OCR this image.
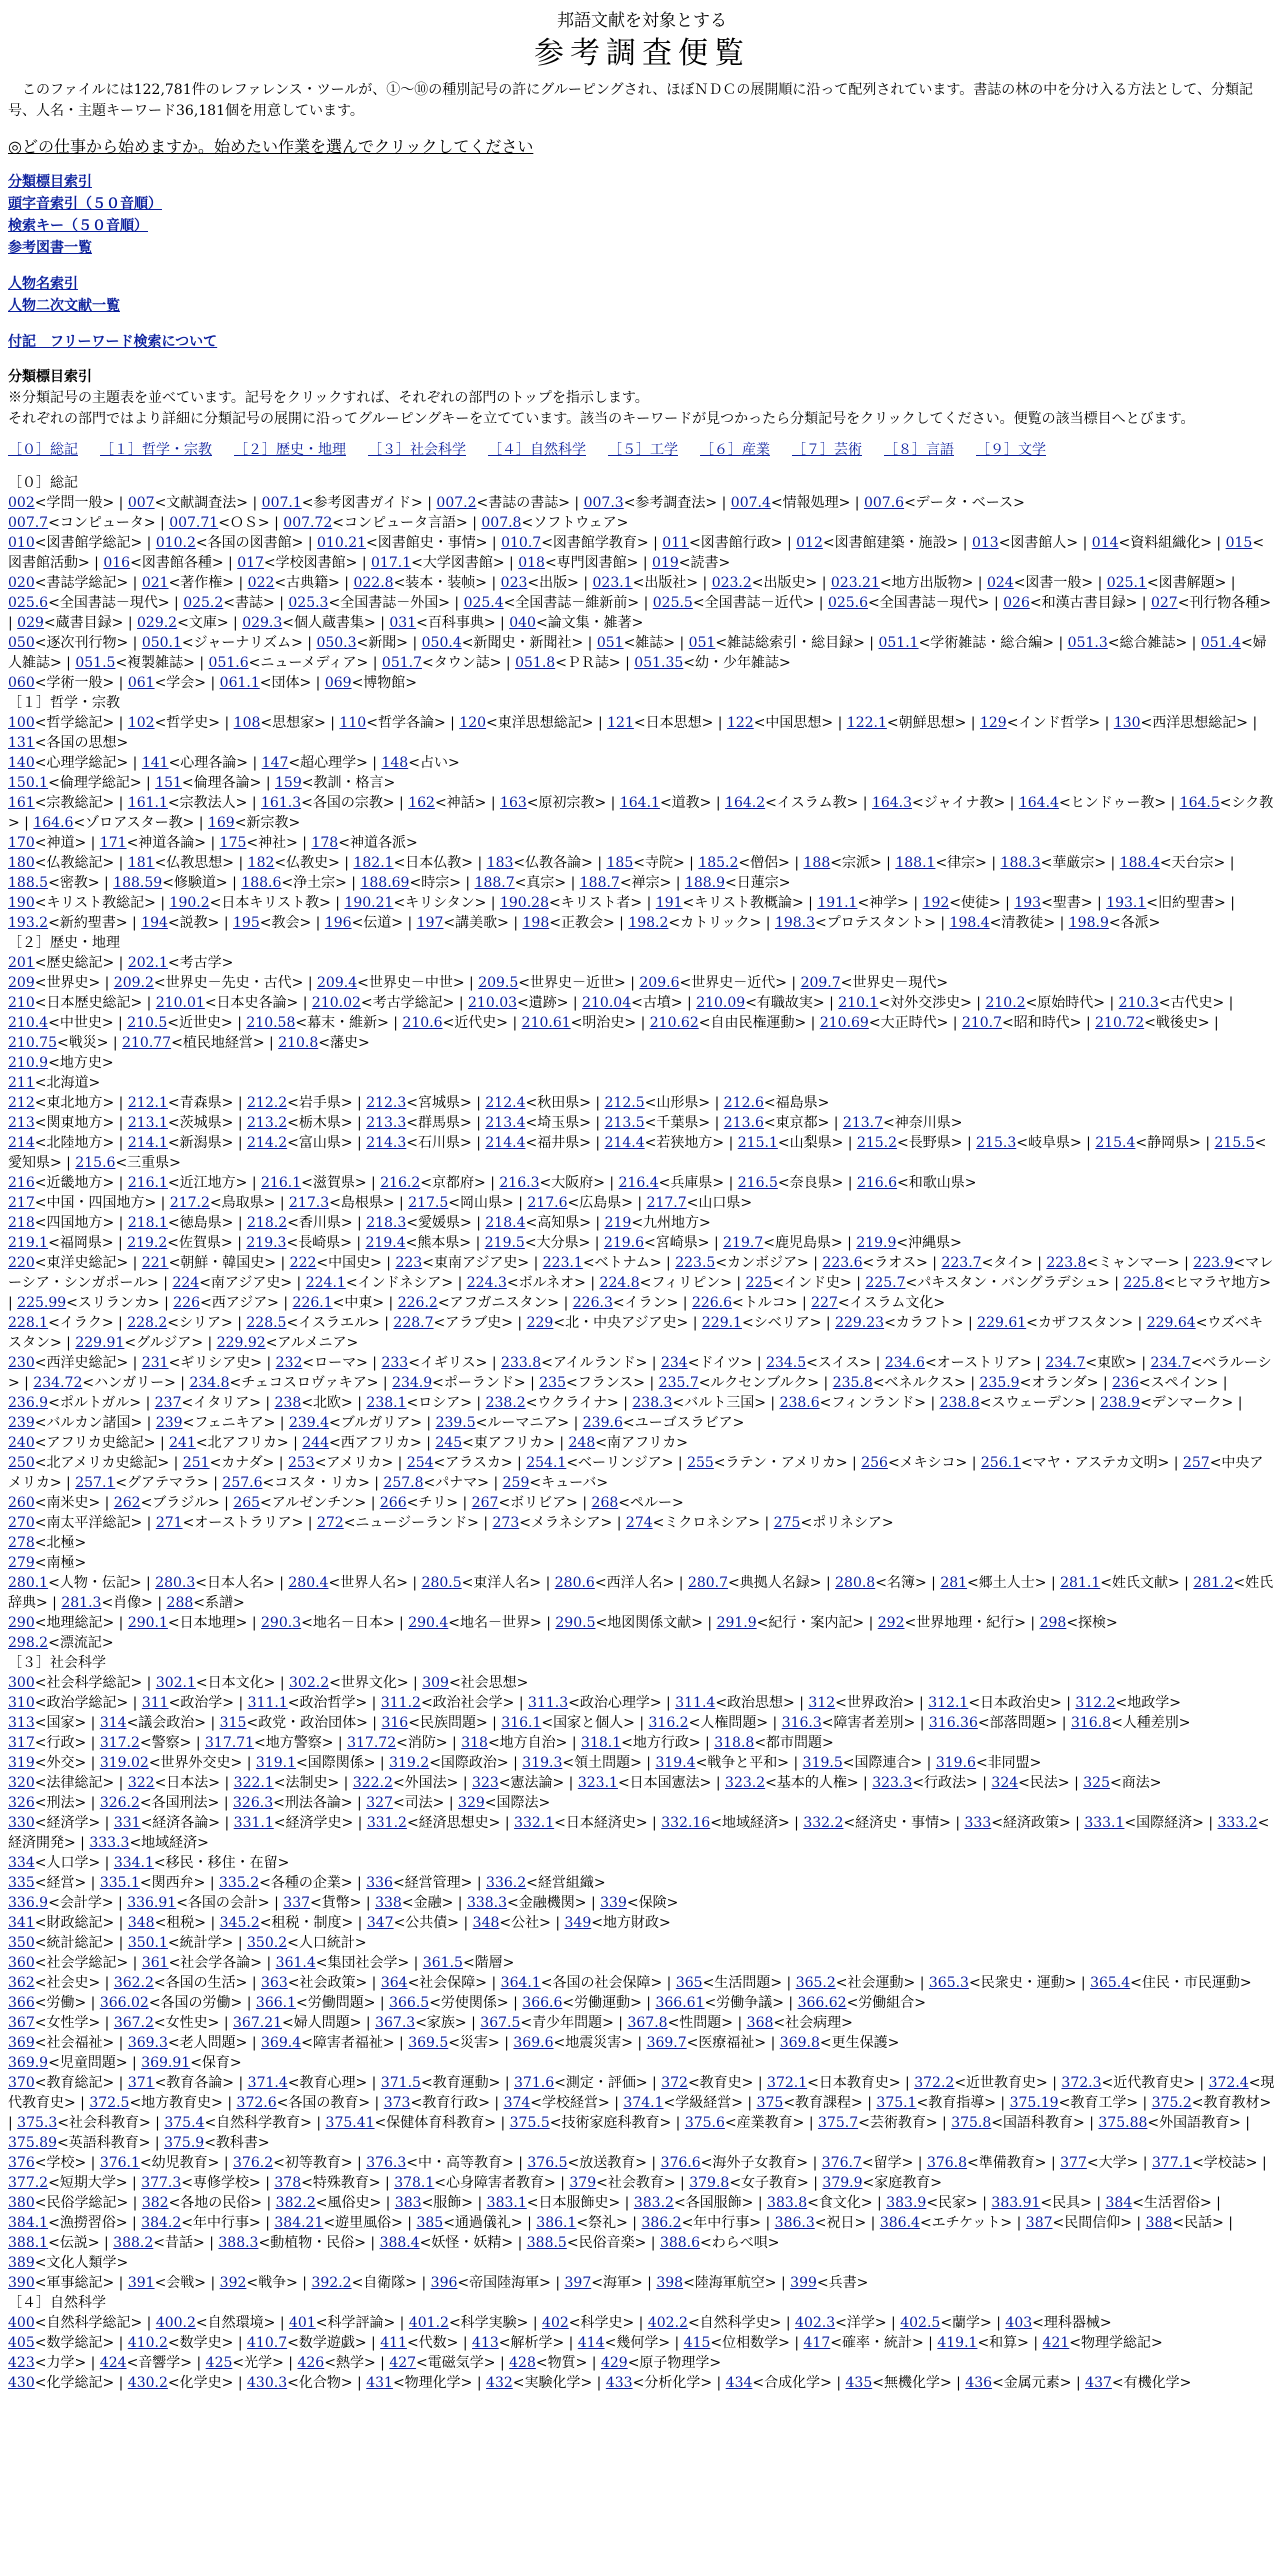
邦語文献を対象とする
参考調査便覧

このファイルには122,781件のレファレンス・ツールが、①〜⑩の種別記号の許にグルーピングされ、ほぼＮＤＣの展開順に沿って配列されています。書誌の林の中を分け入る方法として、分類記号、人名・主題キーワード36,181個を用意しています。

◎どの仕事から始めますか。始めたい作業を選んでクリックしてください
分類標目索引
頭字音索引（５０音順）
検索キー（５０音順）
参考図書一覧
人物名索引
人物二次文献一覧
付記　フリーワード検索について
分類標目索引

※分類記号の主題表を並べています。記号をクリックすれば、それぞれの部門のトップを指示します。

それぞれの部門ではより詳細に分類記号の展開に沿ってグルーピングキーを立てています。該当のキーワードが見つかったら分類記号をクリックしてください。便覧の該当標目へとびます。

［０］総記 ［１］哲学・宗教 ［２］歴史・地理 ［３］社会科学 ［４］自然科学 ［５］工学 ［６］産業 ［７］芸術 ［８］言語 ［９］文学
［０］総記
002<学問一般> | 007<文献調査法> | 007.1<参考図書ガイド> | 007.2<書誌の書誌> | 007.3<参考調査法> | 007.4<情報処理> | 007.6<データ・ベース>
007.7<コンピュータ> | 007.71<ＯＳ> | 007.72<コンピュータ言語> | 007.8<ソフトウェア>
010<図書館学総記> | 010.2<各国の図書館> | 010.21<図書館史・事情> | 010.7<図書館学教育> | 011<図書館行政> | 012<図書館建築・施設> | 013<図書館人> | 014<資料組織化> | 015<図書館活動> | 016<図書館各種> | 017<学校図書館> | 017.1<大学図書館> | 018<専門図書館> | 019<読書>
020<書誌学総記> | 021<著作権> | 022<古典籍> | 022.8<装本・装帧> | 023<出版> | 023.1<出版社> | 023.2<出版史> | 023.21<地方出版物> | 024<図書一般> | 025.1<図書解題> | 025.6<全国書誌－現代> | 025.2<書誌> | 025.3<全国書誌－外国> | 025.4<全国書誌－維新前> | 025.5<全国書誌－近代> | 025.6<全国書誌－現代> | 026<和漢古書目録> | 027<刊行物各種> | 029<蔵書目録> | 029.2<文庫> | 029.3<個人蔵書集> | 031<百科事典> | 040<論文集・雑著>
050<逐次刊行物> | 050.1<ジャーナリズム> | 050.3<新聞> | 050.4<新聞史・新聞社> | 051<雑誌> | 051<雑誌総索引・総目録> | 051.1<学術雑誌・総合編> | 051.3<総合雑誌> | 051.4<婦人雑誌> | 051.5<複製雑誌> | 051.6<ニューメディア> | 051.7<タウン誌> | 051.8<ＰＲ誌> | 051.35<幼・少年雑誌>
060<学術一般> | 061<学会> | 061.1<団体> | 069<博物館>
［１］哲学・宗教
100<哲学総記> | 102<哲学史> | 108<思想家> | 110<哲学各論> | 120<東洋思想総記> | 121<日本思想> | 122<中国思想> | 122.1<朝鮮思想> | 129<インド哲学> | 130<西洋思想総記> | 131<各国の思想>
140<心理学総記> | 141<心理各論> | 147<超心理学> | 148<占い>
150.1<倫理学総記> | 151<倫理各論> | 159<教訓・格言>
161<宗教総記> | 161.1<宗教法人> | 161.3<各国の宗教> | 162<神話> | 163<原初宗教> | 164.1<道教> | 164.2<イスラム教> | 164.3<ジャイナ教> | 164.4<ヒンドゥー教> | 164.5<シク教> | 164.6<ゾロアスター教> | 169<新宗教>
170<神道> | 171<神道各論> | 175<神社> | 178<神道各派>
180<仏教総記> | 181<仏教思想> | 182<仏教史> | 182.1<日本仏教> | 183<仏教各論> | 185<寺院> | 185.2<僧侶> | 188<宗派> | 188.1<律宗> | 188.3<華厳宗> | 188.4<天台宗> | 188.5<密教> | 188.59<修験道> | 188.6<浄土宗> | 188.69<時宗> | 188.7<真宗> | 188.7<禅宗> | 188.9<日蓮宗>
190<キリスト教総記> | 190.2<日本キリスト教> | 190.21<キリシタン> | 190.28<キリスト者> | 191<キリスト教概論> | 191.1<神学> | 192<使徒> | 193<聖書> | 193.1<旧約聖書> | 193.2<新約聖書> | 194<説教> | 195<教会> | 196<伝道> | 197<講美歌> | 198<正教会> | 198.2<カトリック> | 198.3<プロテスタント> | 198.4<清教徒> | 198.9<各派>
［２］歴史・地理
201<歴史総記> | 202.1<考古学>
209<世界史> | 209.2<世界史－先史・古代> | 209.4<世界史－中世> | 209.5<世界史－近世> | 209.6<世界史－近代> | 209.7<世界史－現代>
210<日本歴史総記> | 210.01<日本史各論> | 210.02<考古学総記> | 210.03<遺跡> | 210.04<古墳> | 210.09<有職故実> | 210.1<対外交渉史> | 210.2<原始時代> | 210.3<古代史> | 210.4<中世史> | 210.5<近世史> | 210.58<幕末・維新> | 210.6<近代史> | 210.61<明治史> | 210.62<自由民権運動> | 210.69<大正時代> | 210.7<昭和時代> | 210.72<戦後史> | 210.75<戦災> | 210.77<植民地経営> | 210.8<藩史>
210.9<地方史>
211<北海道>
212<東北地方> | 212.1<青森県> | 212.2<岩手県> | 212.3<宮城県> | 212.4<秋田県> | 212.5<山形県> | 212.6<福島県>
213<関東地方> | 213.1<茨城県> | 213.2<栃木県> | 213.3<群馬県> | 213.4<埼玉県> | 213.5<千葉県> | 213.6<東京都> | 213.7<神奈川県>
214<北陸地方> | 214.1<新潟県> | 214.2<富山県> | 214.3<石川県> | 214.4<福井県> | 214.4<若狭地方> | 215.1<山梨県> | 215.2<長野県> | 215.3<岐阜県> | 215.4<静岡県> | 215.5<愛知県> | 215.6<三重県>
216<近畿地方> | 216.1<近江地方> | 216.1<滋賀県> | 216.2<京都府> | 216.3<大阪府> | 216.4<兵庫県> | 216.5<奈良県> | 216.6<和歌山県>
217<中国・四国地方> | 217.2<鳥取県> | 217.3<島根県> | 217.5<岡山県> | 217.6<広島県> | 217.7<山口県>
218<四国地方> | 218.1<徳島県> | 218.2<香川県> | 218.3<愛媛県> | 218.4<高知県> | 219<九州地方>
219.1<福岡県> | 219.2<佐賀県> | 219.3<長崎県> | 219.4<熊本県> | 219.5<大分県> | 219.6<宮崎県> | 219.7<鹿児島県> | 219.9<沖縄県>
220<東洋史総記> | 221<朝鮮・韓国史> | 222<中国史> | 223<東南アジア史> | 223.1<ベトナム> | 223.5<カンボジア> | 223.6<ラオス> | 223.7<タイ> | 223.8<ミャンマー> | 223.9<マレーシア・シンガポール> | 224<南アジア史> | 224.1<インドネシア> | 224.3<ボルネオ> | 224.8<フィリピン> | 225<インド史> | 225.7<パキスタン・バングラデシュ> | 225.8<ヒマラヤ地方> | 225.99<スリランカ> | 226<西アジア> | 226.1<中東> | 226.2<アフガニスタン> | 226.3<イラン> | 226.6<トルコ> | 227<イスラム文化>
228.1<イラク> | 228.2<シリア> | 228.5<イスラエル> | 228.7<アラブ史> | 229<北・中央アジア史> | 229.1<シベリア> | 229.23<カラフト> | 229.61<カザフスタン> | 229.64<ウズベキスタン> | 229.91<グルジア> | 229.92<アルメニア>
230<西洋史総記> | 231<ギリシア史> | 232<ローマ> | 233<イギリス> | 233.8<アイルランド> | 234<ドイツ> | 234.5<スイス> | 234.6<オーストリア> | 234.7<東欧> | 234.7<ベラルーシ> | 234.72<ハンガリー> | 234.8<チェコスロヴァキア> | 234.9<ポーランド> | 235<フランス> | 235.7<ルクセンブルク> | 235.8<ベネルクス> | 235.9<オランダ> | 236<スペイン> | 236.9<ポルトガル> | 237<イタリア> | 238<北欧> | 238.1<ロシア> | 238.2<ウクライナ> | 238.3<バルト三国> | 238.6<フィンランド> | 238.8<スウェーデン> | 238.9<デンマーク> | 239<バルカン諸国> | 239<フェニキア> | 239.4<ブルガリア> | 239.5<ルーマニア> | 239.6<ユーゴスラビア>
240<アフリカ史総記> | 241<北アフリカ> | 244<西アフリカ> | 245<東アフリカ> | 248<南アフリカ>
250<北アメリカ史総記> | 251<カナダ> | 253<アメリカ> | 254<アラスカ> | 254.1<ベーリンジア> | 255<ラテン・アメリカ> | 256<メキシコ> | 256.1<マヤ・アステカ文明> | 257<中央アメリカ> | 257.1<グアテマラ> | 257.6<コスタ・リカ> | 257.8<パナマ> | 259<キューバ>
260<南米史> | 262<ブラジル> | 265<アルゼンチン> | 266<チリ> | 267<ボリビア> | 268<ペルー>
270<南太平洋総記> | 271<オーストラリア> | 272<ニュージーランド> | 273<メラネシア> | 274<ミクロネシア> | 275<ポリネシア>
278<北極>
279<南極>
280.1<人物・伝記> | 280.3<日本人名> | 280.4<世界人名> | 280.5<東洋人名> | 280.6<西洋人名> | 280.7<典拠人名録> | 280.8<名簿> | 281<郷土人士> | 281.1<姓氏文献> | 281.2<姓氏辞典> | 281.3<肖像> | 288<系譜>
290<地理総記> | 290.1<日本地理> | 290.3<地名－日本> | 290.4<地名－世界> | 290.5<地図関係文献> | 291.9<紀行・案内記> | 292<世界地理・紀行> | 298<探検>
298.2<漂流記>
［３］社会科学
300<社会科学総記> | 302.1<日本文化> | 302.2<世界文化> | 309<社会思想>
310<政治学総記> | 311<政治学> | 311.1<政治哲学> | 311.2<政治社会学> | 311.3<政治心理学> | 311.4<政治思想> | 312<世界政治> | 312.1<日本政治史> | 312.2<地政学>
313<国家> | 314<議会政治> | 315<政党・政治団体> | 316<民族問題> | 316.1<国家と個人> | 316.2<人権問題> | 316.3<障害者差別> | 316.36<部落問題> | 316.8<人種差別>
317<行政> | 317.2<警察> | 317.71<地方警察> | 317.72<消防> | 318<地方自治> | 318.1<地方行政> | 318.8<都市問題>
319<外交> | 319.02<世界外交史> | 319.1<国際関係> | 319.2<国際政治> | 319.3<領土問題> | 319.4<戦争と平和> | 319.5<国際連合> | 319.6<非同盟>
320<法律総記> | 322<日本法> | 322.1<法制史> | 322.2<外国法> | 323<憲法論> | 323.1<日本国憲法> | 323.2<基本的人権> | 323.3<行政法> | 324<民法> | 325<商法>
326<刑法> | 326.2<各国刑法> | 326.3<刑法各論> | 327<司法> | 329<国際法>
330<経済学> | 331<経済各論> | 331.1<経済学史> | 331.2<経済思想史> | 332.1<日本経済史> | 332.16<地域経済> | 332.2<経済史・事情> | 333<経済政策> | 333.1<国際経済> | 333.2<経済開発> | 333.3<地域経済>
334<人口学> | 334.1<移民・移住・在留>
335<経営> | 335.1<関西弁> | 335.2<各種の企業> | 336<経営管理> | 336.2<経営組織>
336.9<会計学> | 336.91<各国の会計> | 337<貨幣> | 338<金融> | 338.3<金融機関> | 339<保険>
341<財政総記> | 348<租税> | 345.2<租税・制度> | 347<公共債> | 348<公社> | 349<地方財政>
350<統計総記> | 350.1<統計学> | 350.2<人口統計>
360<社会学総記> | 361<社会学各論> | 361.4<集団社会学> | 361.5<階層>
362<社会史> | 362.2<各国の生活> | 363<社会政策> | 364<社会保障> | 364.1<各国の社会保障> | 365<生活問題> | 365.2<社会運動> | 365.3<民衆史・運動> | 365.4<住民・市民運動>
366<労働> | 366.02<各国の労働> | 366.1<労働問題> | 366.5<労使関係> | 366.6<労働運動> | 366.61<労働争議> | 366.62<労働組合>
367<女性学> | 367.2<女性史> | 367.21<婦人問題> | 367.3<家族> | 367.5<青少年問題> | 367.8<性問題> | 368<社会病理>
369<社会福祉> | 369.3<老人問題> | 369.4<障害者福祉> | 369.5<災害> | 369.6<地震災害> | 369.7<医療福祉> | 369.8<更生保護>
369.9<児童問題> | 369.91<保育>
370<教育総記> | 371<教育各論> | 371.4<教育心理> | 371.5<教育運動> | 371.6<測定・評価> | 372<教育史> | 372.1<日本教育史> | 372.2<近世教育史> | 372.3<近代教育史> | 372.4<現代教育史> | 372.5<地方教育史> | 372.6<各国の教育> | 373<教育行政> | 374<学校経営> | 374.1<学級経営> | 375<教育課程> | 375.1<教育指導> | 375.19<教育工学> | 375.2<教育教材> | 375.3<社会科教育> | 375.4<自然科学教育> | 375.41<保健体育科教育> | 375.5<技術家庭科教育> | 375.6<産業教育> | 375.7<芸術教育> | 375.8<国語科教育> | 375.88<外国語教育> | 375.89<英語科教育> | 375.9<教科書>
376<学校> | 376.1<幼児教育> | 376.2<初等教育> | 376.3<中・高等教育> | 376.5<放送教育> | 376.6<海外子女教育> | 376.7<留学> | 376.8<準備教育> | 377<大学> | 377.1<学校誌> | 377.2<短期大学> | 377.3<専修学校> | 378<特殊教育> | 378.1<心身障害者教育> | 379<社会教育> | 379.8<女子教育> | 379.9<家庭教育>
380<民俗学総記> | 382<各地の民俗> | 382.2<風俗史> | 383<服飾> | 383.1<日本服飾史> | 383.2<各国服飾> | 383.8<食文化> | 383.9<民家> | 383.91<民具> | 384<生活習俗> | 384.1<漁撈習俗> | 384.2<年中行事> | 384.21<遊里風俗> | 385<通過儀礼> | 386.1<祭礼> | 386.2<年中行事> | 386.3<祝日> | 386.4<エチケット> | 387<民間信仰> | 388<民話> | 388.1<伝説> | 388.2<昔話> | 388.3<動植物・民俗> | 388.4<妖怪・妖精> | 388.5<民俗音楽> | 388.6<わらべ唄>
389<文化人類学>
390<軍事総記> | 391<会戦> | 392<戦争> | 392.2<自衛隊> | 396<帝国陸海軍> | 397<海軍> | 398<陸海軍航空> | 399<兵書>
［４］自然科学
400<自然科学総記> | 400.2<自然環境> | 401<科学評論> | 401.2<科学実験> | 402<科学史> | 402.2<自然科学史> | 402.3<洋学> | 402.5<蘭学> | 403<理科器械>
405<数学総記> | 410.2<数学史> | 410.7<数学遊戯> | 411<代数> | 413<解析学> | 414<幾何学> | 415<位相数学> | 417<確率・統計> | 419.1<和算> | 421<物理学総記>
423<力学> | 424<音響学> | 425<光学> | 426<熱学> | 427<電磁気学> | 428<物質> | 429<原子物理学>
430<化学総記> | 430.2<化学史> | 430.3<化合物> | 431<物理化学> | 432<実験化学> | 433<分析化学> | 434<合成化学> | 435<無機化学> | 436<金属元素> | 437<有機化学>
